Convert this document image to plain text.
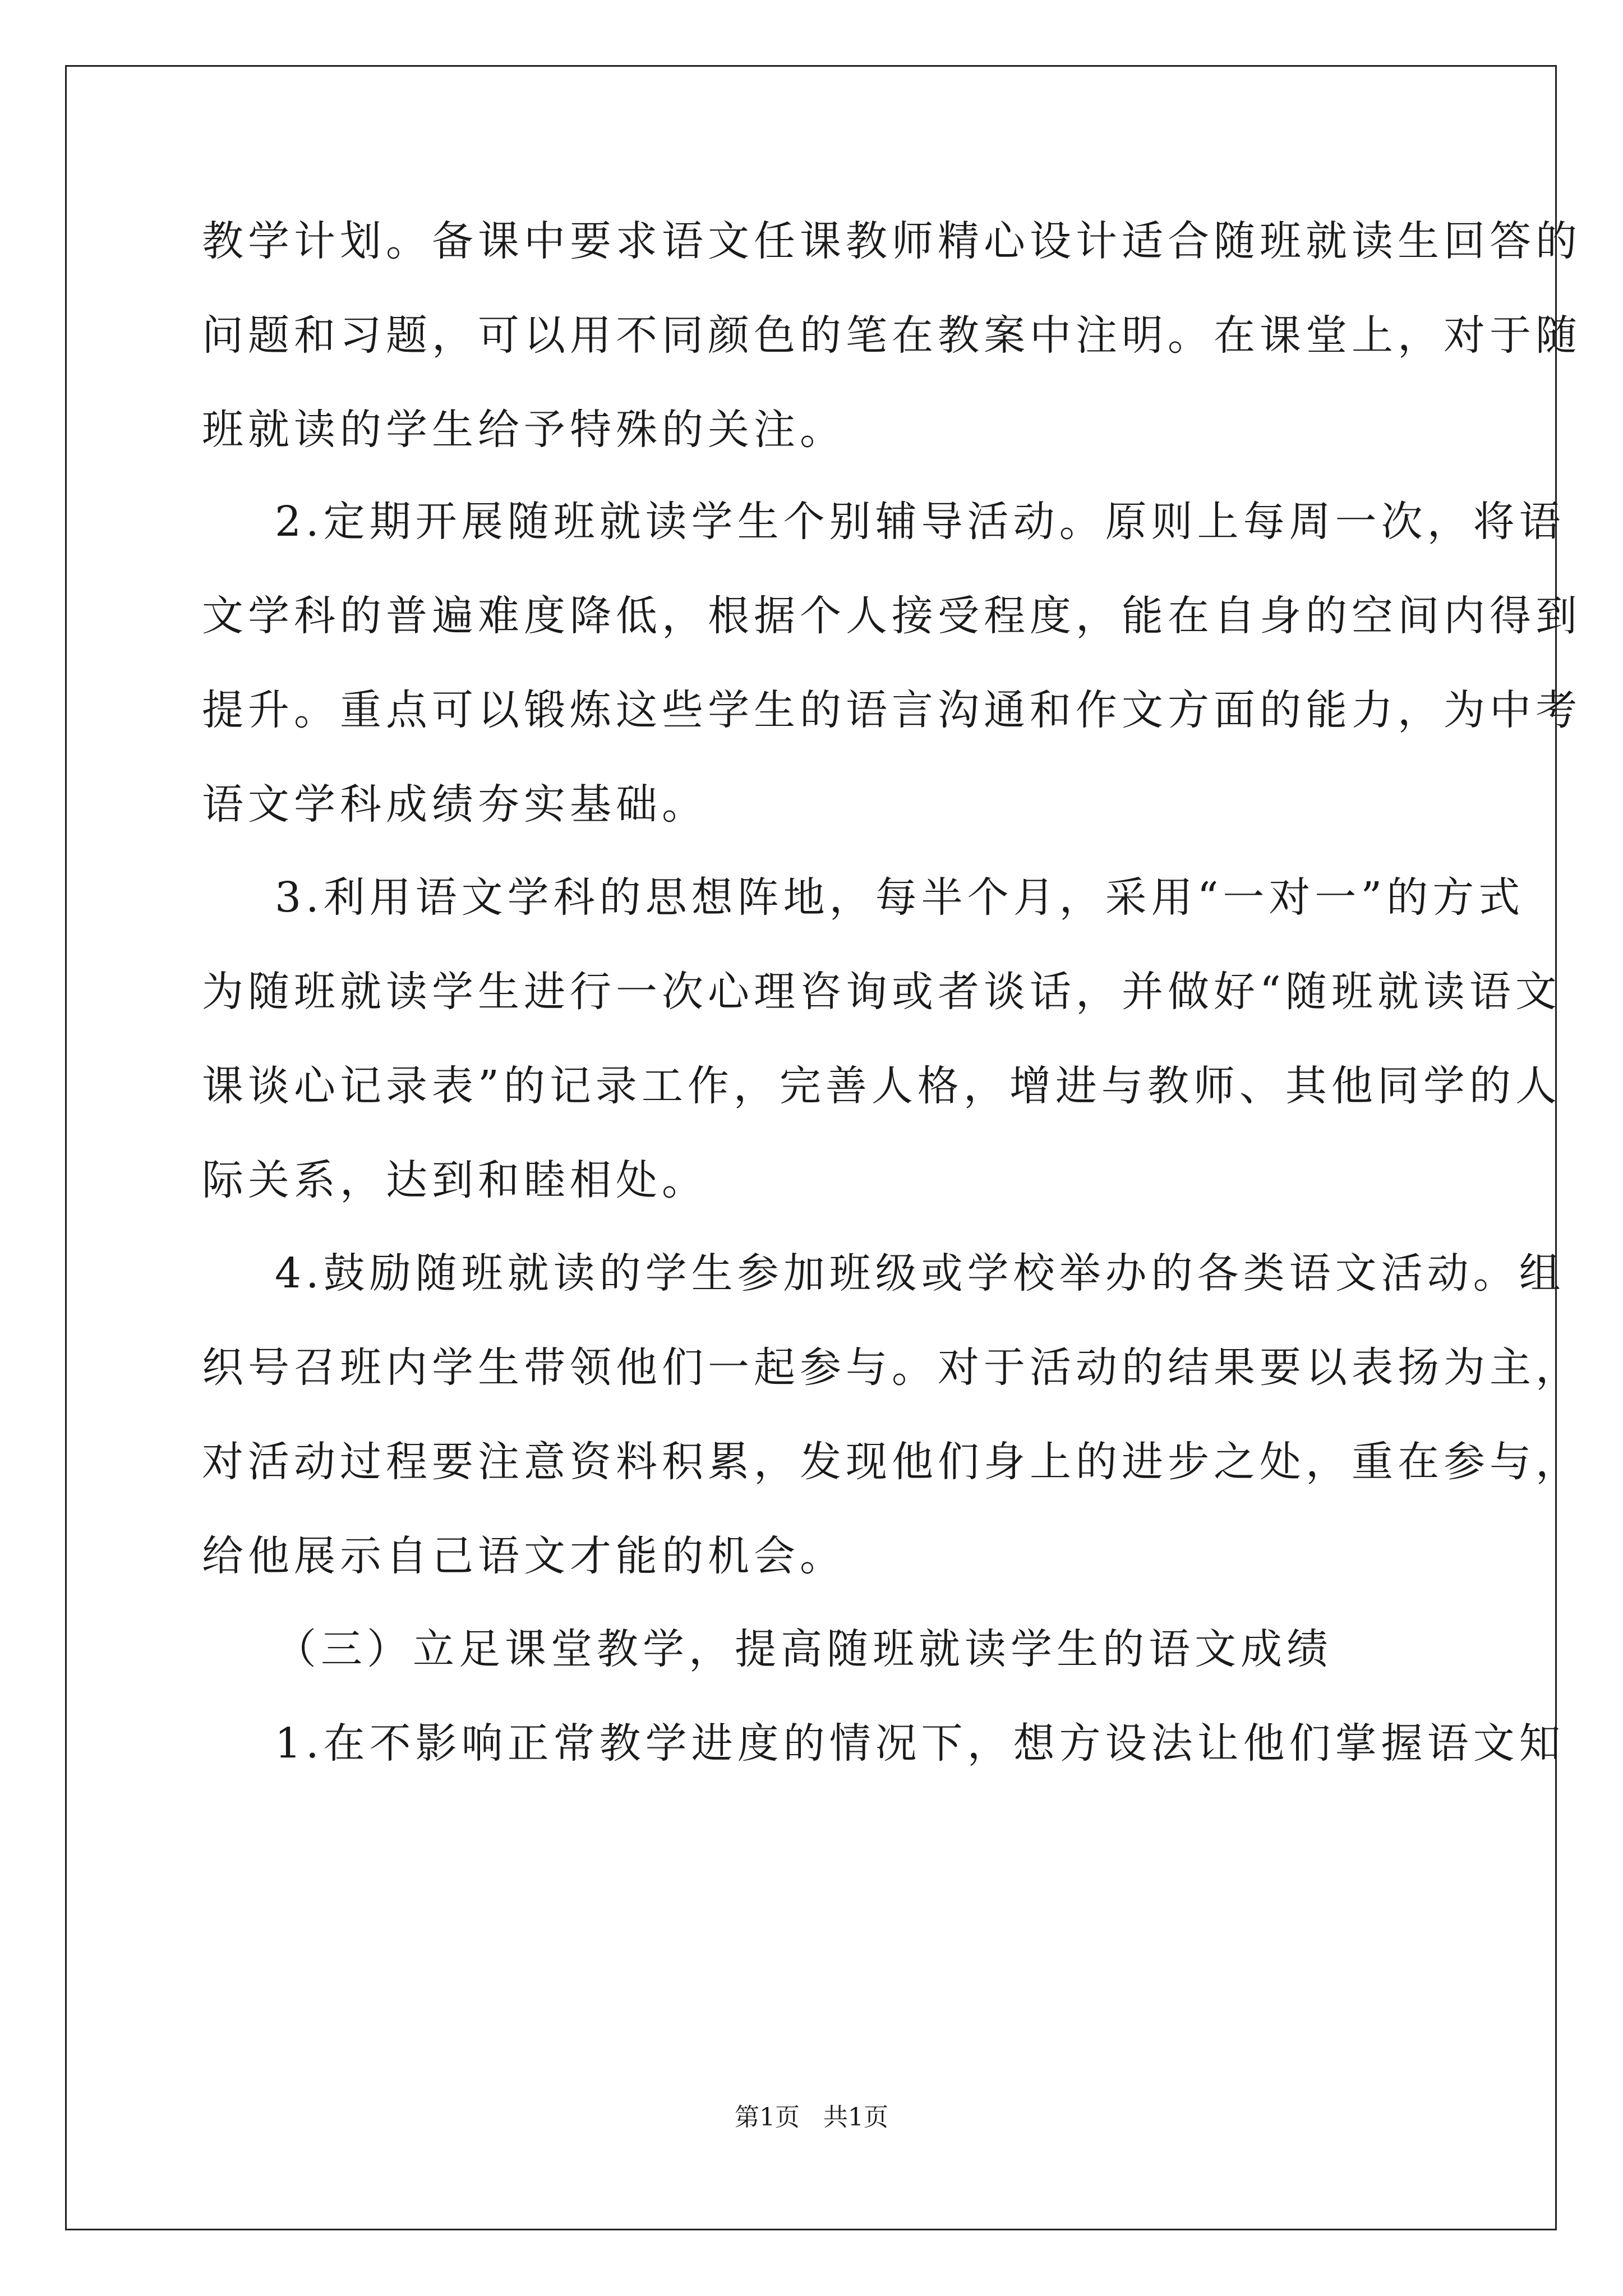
教学计划。备课中要求语文任课教师精心设计适合随班就读生回答的
问题和习题，可以用不同颜色的笔在教案中注明。在课堂上，对于随
班就读的学生给予特殊的关注。
2.定期开展随班就读学生个别辅导活动。原则上每周一次，将语
文学科的普遍难度降低，根据个人接受程度，能在自身的空间内得到
提升。重点可以锻炼这些学生的语言沟通和作文方面的能力，为中考
语文学科成绩夯实基础。
3.利用语文学科的思想阵地，每半个月，采用“一对一”的方式
为随班就读学生进行一次心理咨询或者谈话，并做好“随班就读语文
课谈心记录表”的记录工作，完善人格，增进与教师、其他同学的人
际关系，达到和睦相处。
4.鼓励随班就读的学生参加班级或学校举办的各类语文活动。组
织号召班内学生带领他们一起参与。对于活动的结果要以表扬为主，
对活动过程要注意资料积累，发现他们身上的进步之处，重在参与，
给他展示自己语文才能的机会。
（三）立足课堂教学，提高随班就读学生的语文成绩
1.在不影响正常教学进度的情况下，想方设法让他们掌握语文知
第1页   共1页
